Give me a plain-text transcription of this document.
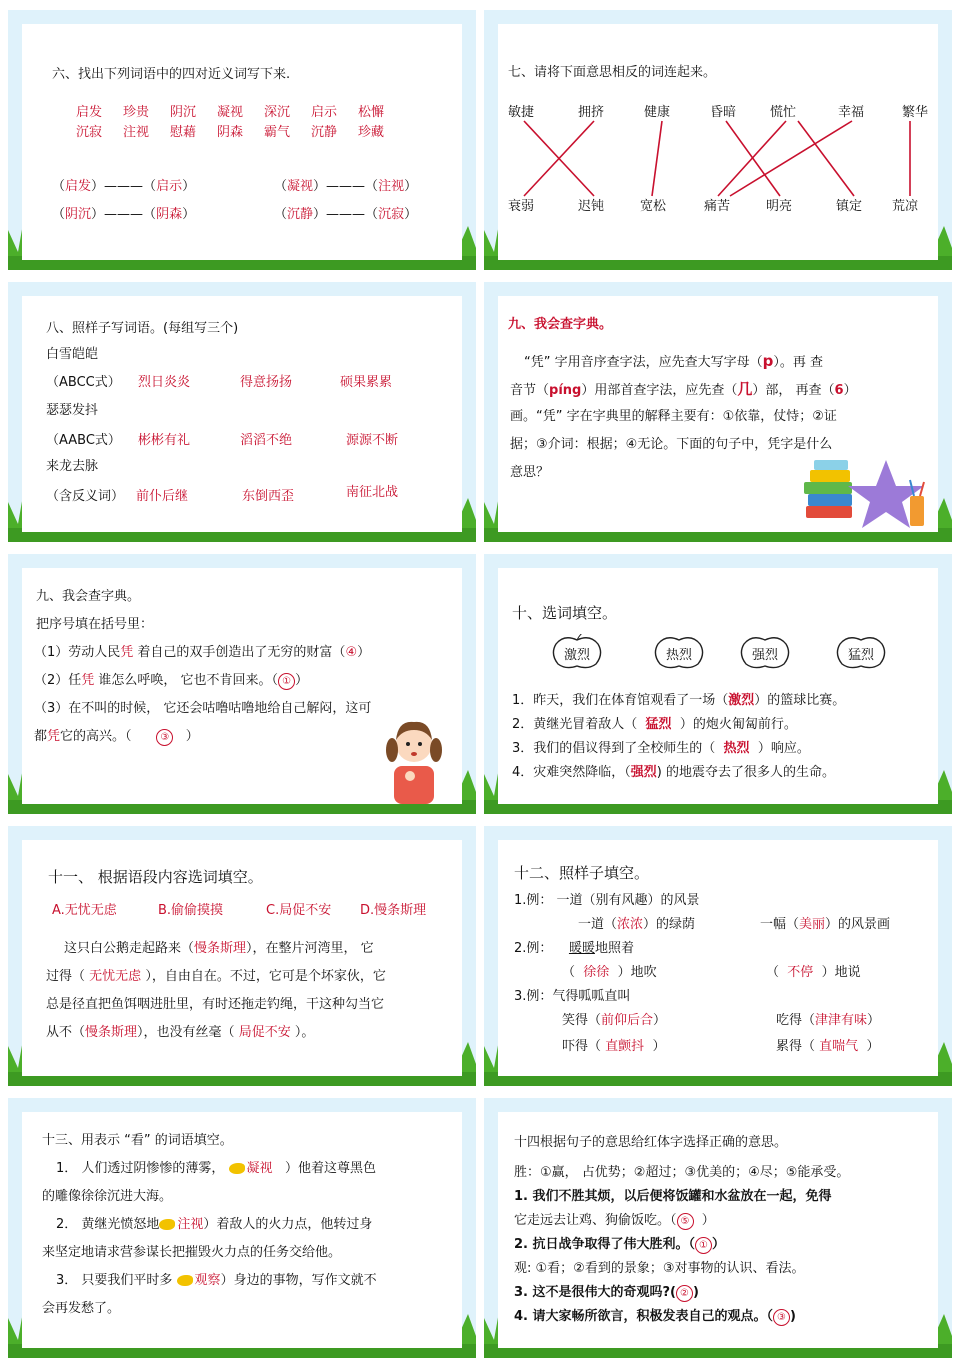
六、找出下列词语中的四对近义词写下来.
启发 珍贵 阴沉 凝视 深沉 启示 松懈
沉寂 注视 慰藉 阴森 霸气 沉静 珍藏
（启发）———（启示）	（凝视）———（注视）
（阴沉）———（阴森）	（沉静）———（沉寂）
七、请将下面意思相反的词连起来。
敏捷	拥挤	健康	昏暗	慌忙	幸福	繁华
衰弱	迟钝	宽松	痛苦	明亮	镇定 荒凉
八、照样子写词语。(每组写三个)
白雪皑皑
（ABCC式） 烈日炎炎	得意扬扬	硕果累累
瑟瑟发抖
（AABC式） 彬彬有礼	滔滔不绝	源源不断
来龙去脉
（含反义词） 前仆后继	东倒西歪	南征北战
九、我会查字典。
“凭” 字用音序查字法，应先查大写字母（p）。再 查
音节（píng）用部首查字法，应先查（几）部， 再查（6）
画。“凭” 字在字典里的解释主要有：①依靠，仗恃；②证
据；③介词：根据；④无论。下面的句子中，凭字是什么
意思？
九、我会查字典。
把序号填在括号里：
（1）劳动人民凭 着自己的双手创造出了无穷的财富（④）
（2）任凭 谁怎么呼唤， 它也不肯回来。（ ① ）
（3）在不叫的时候， 它还会咕噜咕噜地给自己解闷，这可
都凭它的高兴。（	③ ）
十、选词填空。
激烈	热烈	强烈	猛烈
1．昨天，我们在体育馆观看了一场（激烈）的篮球比赛。
2．黄继光冒着敌人（ 猛烈 ）的炮火匍匐前行。
3．我们的倡议得到了全校师生的（ 热烈 ）响应。
4．灾难突然降临，（强烈) 的地震夺去了很多人的生命。
十一、 根据语段内容选词填空。
A.无忧无虑	B.偷偷摸摸	C.局促不安 D.慢条斯理
这只白公鹅走起路来（慢条斯理），在整片河湾里， 它
过得（ 无忧无虑 ），自由自在。不过，它可是个坏家伙，它
总是径直把鱼饵咽进肚里，有时还拖走钓绳，干这种勾当它
从不（慢条斯理），也没有丝毫（ 局促不安 ）。
十二、照样子填空。
1.例： 一道（别有风趣）的风景
一道（浓浓）的绿荫	一幅（美丽）的风景画
2.例： 暖暖地照着
（ 徐徐 ）地吹	（ 不停 ）地说
3.例：气得呱呱直叫
笑得（前仰后合）	吃得（津津有味）
吓得（ 直颤抖 ）	累得（ 直喘气 ）
十三、用表示 “看” 的词语填空。
1． 人们透过阴惨惨的薄雾， 凝视 ）他着这尊黑色
的雕像徐徐沉进大海。
2． 黄继光愤怒地 注视）着敌人的火力点，他转过身
来坚定地请求营参谋长把摧毁火力点的任务交给他。
3． 只要我们平时多 观察）身边的事物，写作文就不
会再发愁了。
十四根据句子的意思给红体字选择正确的意思。
胜：①赢， 占优势；②超过；③优美的；④尽；⑤能承受。
1. 我们不胜其烦，以后便将饭罐和水盆放在一起，免得
它走远去让鸡、狗偷饭吃。（ ⑤ ）
2. 抗日战争取得了伟大胜利。（ ① ）
观: ①看；②看到的景象；③对事物的认识、看法。
3. 这不是很伟大的奇观吗?( ② )
4. 请大家畅所欲言，积极发表自己的观点。（ ③ )
